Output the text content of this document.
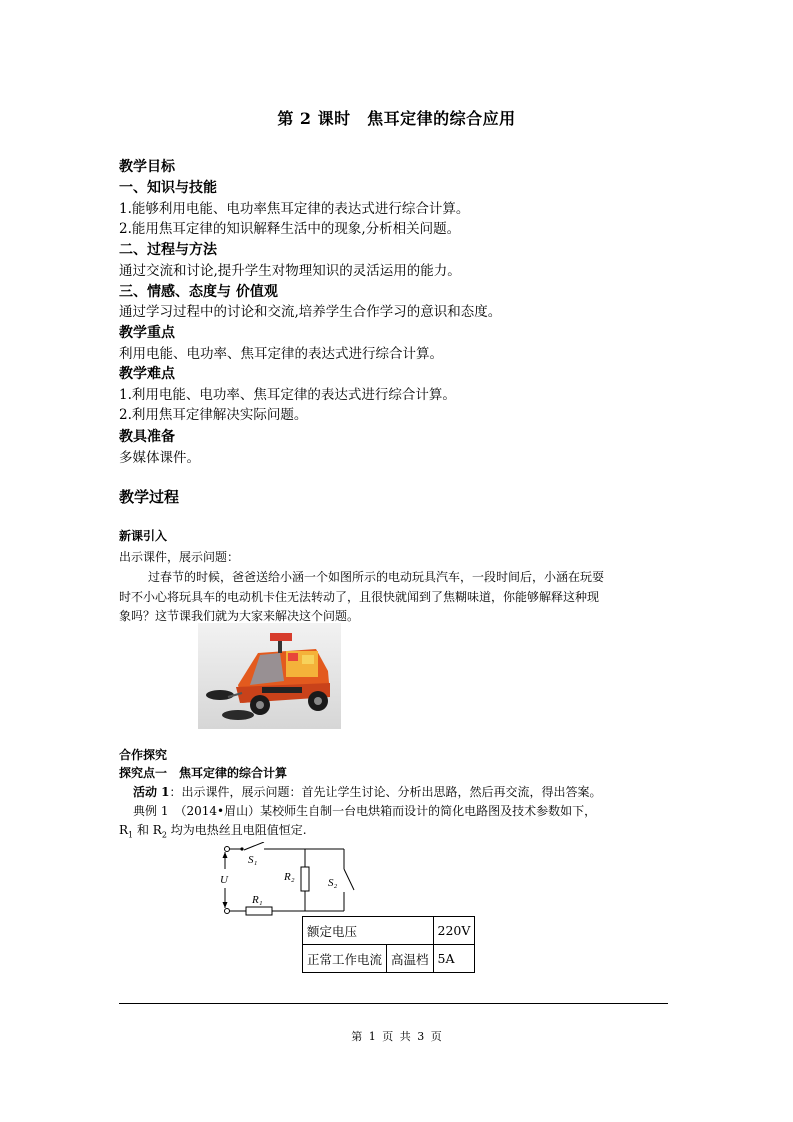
第 2 课时　焦耳定律的综合应用
教学目标
一、知识与技能
1.能够利用电能、电功率焦耳定律的表达式进行综合计算。
2.能用焦耳定律的知识解释生活中的现象,分析相关问题。
二、过程与方法
通过交流和讨论,提升学生对物理知识的灵活运用的能力。
三、情感、态度与 价值观
通过学习过程中的讨论和交流,培养学生合作学习的意识和态度。
教学重点
利用电能、电功率、焦耳定律的表达式进行综合计算。
教学难点
1.利用电能、电功率、焦耳定律的表达式进行综合计算。
2.利用焦耳定律解决实际问题。
教具准备
多媒体课件。
教学过程
新课引入
出示课件，展示问题：
过春节的时候，爸爸送给小涵一个如图所示的电动玩具汽车，一段时间后，小涵在玩耍
时不小心将玩具车的电动机卡住无法转动了，且很快就闻到了焦糊味道，你能够解释这种现
象吗？这节课我们就为大家来解决这个问题。
合作探究
探究点一　焦耳定律的综合计算
活动 1：出示课件，展示问题：首先让学生讨论、分析出思路，然后再交流，得出答案。
典例 1　（2014•眉山）某校师生自制一台电烘箱而设计的简化电路图及技术参数如下，
$R_1$ 和 $R_2$ 均为电热丝且电阻值恒定.
S₁
R₂	S₂
U
R₁
额定电压		220V
正常工作电流	高温档	5A
第 1 页 共 3 页
